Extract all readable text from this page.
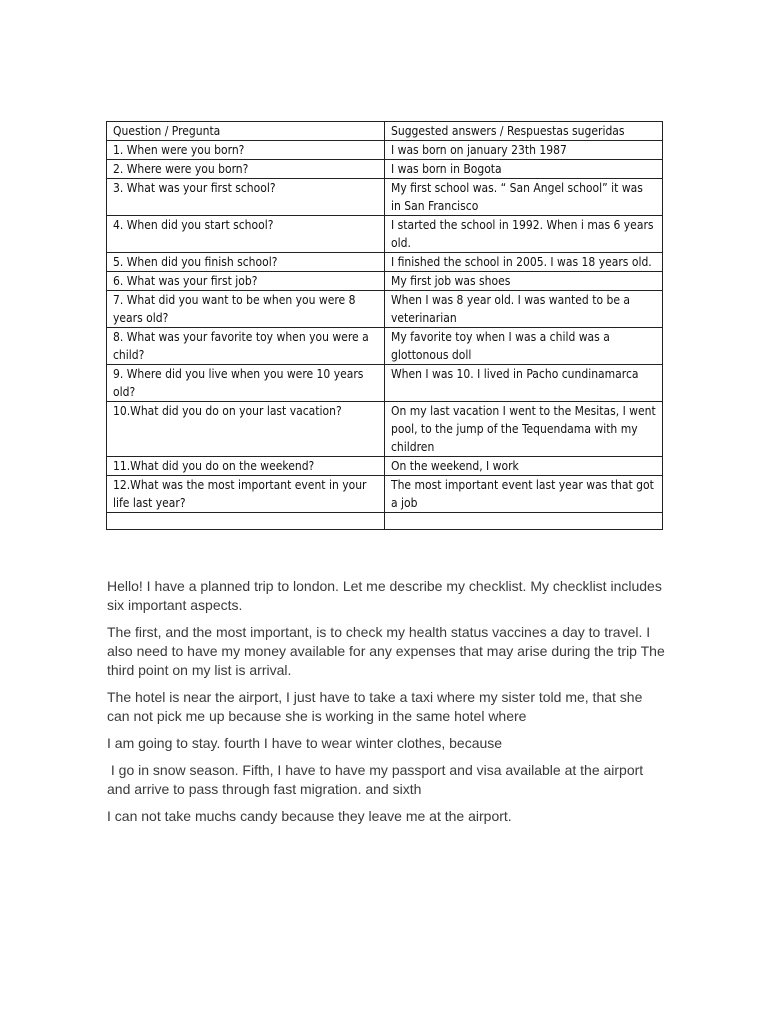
Question / Pregunta	Suggested answers / Respuestas sugeridas
1. When were you born?	I was born on january 23th 1987
2. Where were you born?	I was born in Bogota
3. What was your first school?	My first school was. “ San Angel school” it was in San Francisco
4. When did you start school?	I started the school in 1992. When i mas 6 years old.
5. When did you finish school?	I finished the school in 2005. I was 18 years old.
6. What was your first job?	My first job was shoes
7. What did you want to be when you were 8 years old?	When I was 8 year old. I was wanted to be a veterinarian
8. What was your favorite toy when you were a child?	My favorite toy when I was a child was a glottonous doll
9. Where did you live when you were 10 years old?	When I was 10. I lived in Pacho cundinamarca
10.What did you do on your last vacation?	On my last vacation I went to the Mesitas, I went pool, to the jump of the Tequendama with my children
11.What did you do on the weekend?	On the weekend, I work
12.What was the most important event in your life last year?	The most important event last year was that got a job

Hello! I have a planned trip to london. Let me describe my checklist. My checklist includes six important aspects.

The first, and the most important, is to check my health status vaccines a day to travel. I also need to have my money available for any expenses that may arise during the trip The third point on my list is arrival.

The hotel is near the airport, I just have to take a taxi where my sister told me, that she can not pick me up because she is working in the same hotel where

I am going to stay. fourth I have to wear winter clothes, because

I go in snow season. Fifth, I have to have my passport and visa available at the airport and arrive to pass through fast migration. and sixth

I can not take muchs candy because they leave me at the airport.
